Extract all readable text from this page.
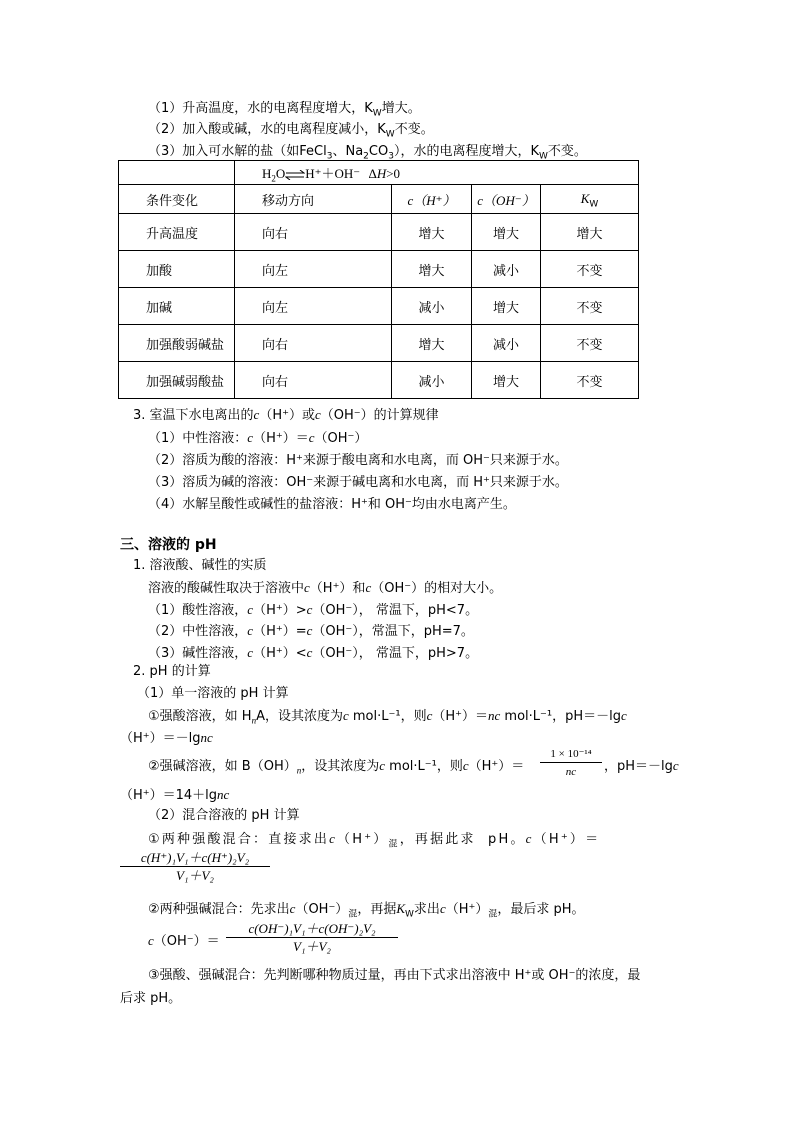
（1）升高温度，水的电离程度增大，$K_W$增大。
（2）加入酸或碱，水的电离程度减小，$K_W$不变。
（3）加入可水解的盐（如FeCl$_3$、$Na_2CO_3$），水的电离程度增大，$K_W$不变。
	$H_2O\rightleftharpoons H^++OH^-$ ΔH>0			
条件变化	移动方向	c（H⁺）	c（OH⁻）	$K_W$
升高温度	向右	增大	增大	增大
加酸	向左	增大	减小	不变
加碱	向左	减小	增大	不变
加强酸弱碱盐	向右	增大	减小	不变
加强碱弱酸盐	向右	减小	增大	不变
3. 室温下水电离出的c（H⁺）或c（OH⁻）的计算规律
（1）中性溶液：c（H⁺）＝c（OH⁻）
（2）溶质为酸的溶液：H⁺来源于酸电离和水电离，而 OH⁻只来源于水。
（3）溶质为碱的溶液：OH⁻来源于碱电离和水电离，而 H⁺只来源于水。
（4）水解呈酸性或碱性的盐溶液：H⁺和 OH⁻均由水电离产生。
三、溶液的 pH
1. 溶液酸、碱性的实质
溶液的酸碱性取决于溶液中c（H⁺）和c（OH⁻）的相对大小。
（1）酸性溶液，c（H⁺）>c（OH⁻）， 常温下，pH<7。
（2）中性溶液，c（H⁺）=c（OH⁻），常温下，pH=7。
（3）碱性溶液，c（H⁺）<c（OH⁻）， 常温下，pH>7。
2. pH 的计算
（1）单一溶液的 pH 计算
①强酸溶液，如 $H_nA$，设其浓度为c mol·L⁻¹，则c（H⁺）＝nc mol·L⁻¹，pH＝－lgc
（H⁺）＝－lgnc
②强碱溶液，如 $B(OH)_n$，设其浓度为c mol·L⁻¹，则$c(H^+)= \frac{\text{1 × 10⁻¹⁴}}{nc}$ ，pH＝－lgc
（H⁺）＝14＋lgnc
（2）混合溶液的 pH 计算
①两种强酸混合：直接求出$c(H^+)_混$，再据此求 pH。c（H⁺）＝
$\frac{\text{c(H⁺)₁V₁＋c(H⁺)₂V₂}}{\text{V₁＋V₂}}$
②两种强碱混合：先求出$c(OH^-)_混$，再据$K_W$求出$c(H^+)_混$，最后求 pH。
$c(OH^-)= \frac{\text{c(OH⁻)₁V₁＋c(OH⁻)₂V₂}}{\text{V₁＋V₂}}$
③强酸、强碱混合：先判断哪种物质过量，再由下式求出溶液中 H⁺或 OH⁻的浓度，最
后求 pH。
